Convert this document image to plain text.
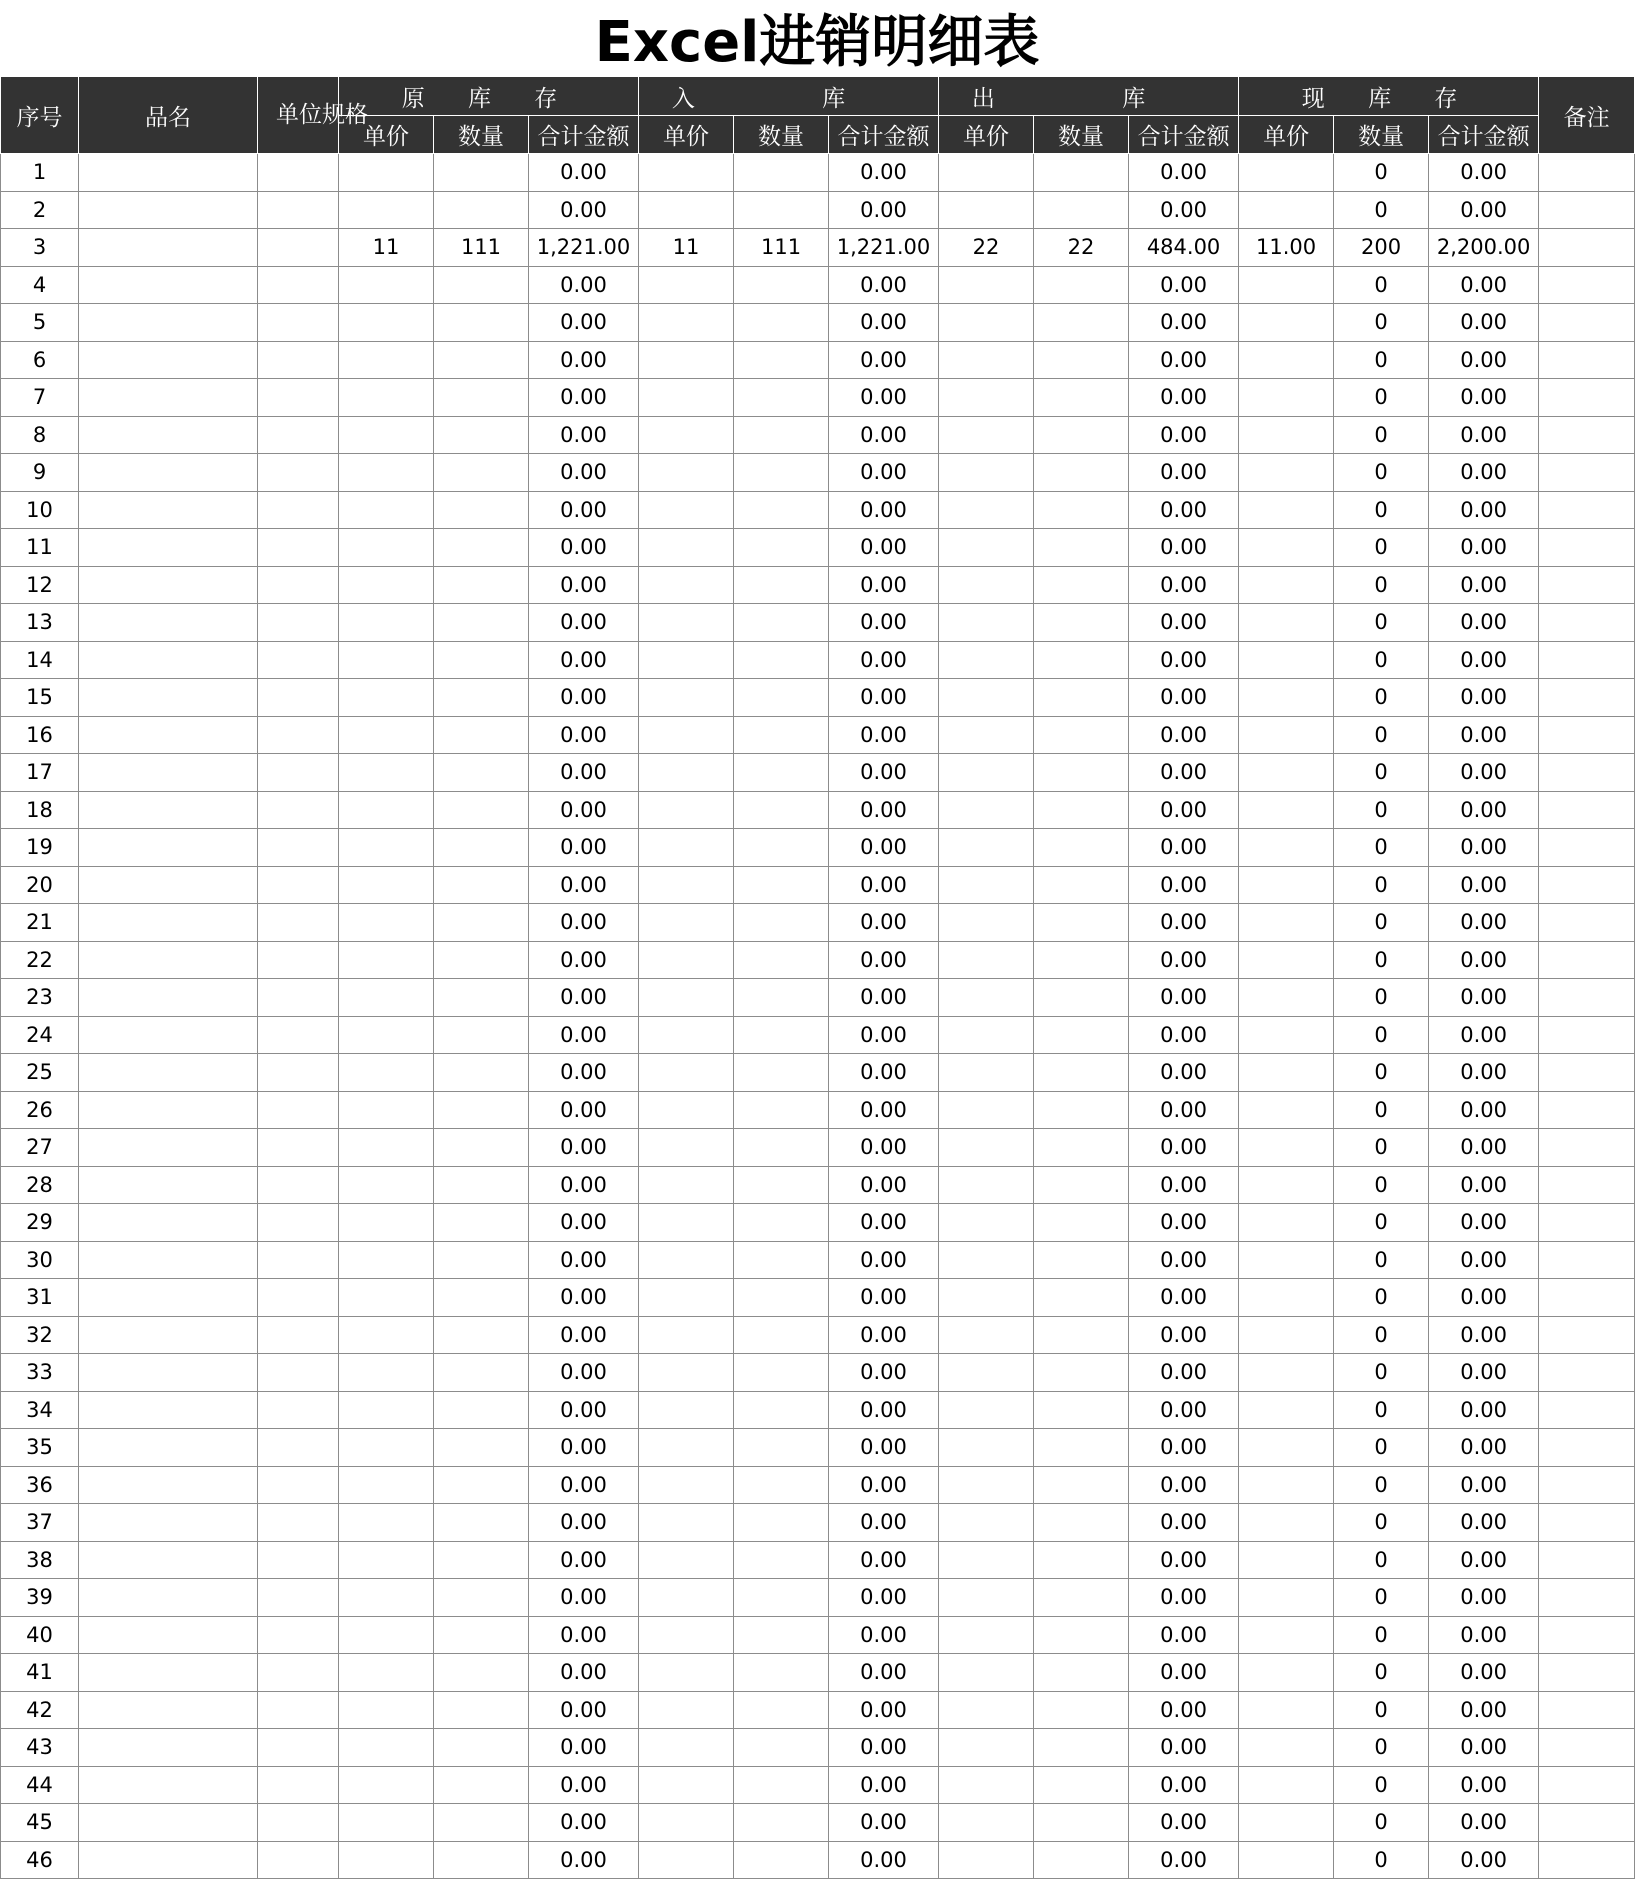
Excel进销明细表
序号	品名	单位规格	原 库 存			入 库			出 库			现 库 存			备注
			单价	数量	合计金额	单价	数量	合计金额	单价	数量	合计金额	单价	数量	合计金额	
1					0.00			0.00			0.00		0	0.00	
2					0.00			0.00			0.00		0	0.00	
3			11	111	1,221.00	11	111	1,221.00	22	22	484.00	11.00	200	2,200.00	
4					0.00			0.00			0.00		0	0.00	
5					0.00			0.00			0.00		0	0.00	
6					0.00			0.00			0.00		0	0.00	
7					0.00			0.00			0.00		0	0.00	
8					0.00			0.00			0.00		0	0.00	
9					0.00			0.00			0.00		0	0.00	
10					0.00			0.00			0.00		0	0.00	
11					0.00			0.00			0.00		0	0.00	
12					0.00			0.00			0.00		0	0.00	
13					0.00			0.00			0.00		0	0.00	
14					0.00			0.00			0.00		0	0.00	
15					0.00			0.00			0.00		0	0.00	
16					0.00			0.00			0.00		0	0.00	
17					0.00			0.00			0.00		0	0.00	
18					0.00			0.00			0.00		0	0.00	
19					0.00			0.00			0.00		0	0.00	
20					0.00			0.00			0.00		0	0.00	
21					0.00			0.00			0.00		0	0.00	
22					0.00			0.00			0.00		0	0.00	
23					0.00			0.00			0.00		0	0.00	
24					0.00			0.00			0.00		0	0.00	
25					0.00			0.00			0.00		0	0.00	
26					0.00			0.00			0.00		0	0.00	
27					0.00			0.00			0.00		0	0.00	
28					0.00			0.00			0.00		0	0.00	
29					0.00			0.00			0.00		0	0.00	
30					0.00			0.00			0.00		0	0.00	
31					0.00			0.00			0.00		0	0.00	
32					0.00			0.00			0.00		0	0.00	
33					0.00			0.00			0.00		0	0.00	
34					0.00			0.00			0.00		0	0.00	
35					0.00			0.00			0.00		0	0.00	
36					0.00			0.00			0.00		0	0.00	
37					0.00			0.00			0.00		0	0.00	
38					0.00			0.00			0.00		0	0.00	
39					0.00			0.00			0.00		0	0.00	
40					0.00			0.00			0.00		0	0.00	
41					0.00			0.00			0.00		0	0.00	
42					0.00			0.00			0.00		0	0.00	
43					0.00			0.00			0.00		0	0.00	
44					0.00			0.00			0.00		0	0.00	
45					0.00			0.00			0.00		0	0.00	
46					0.00			0.00			0.00		0	0.00	
